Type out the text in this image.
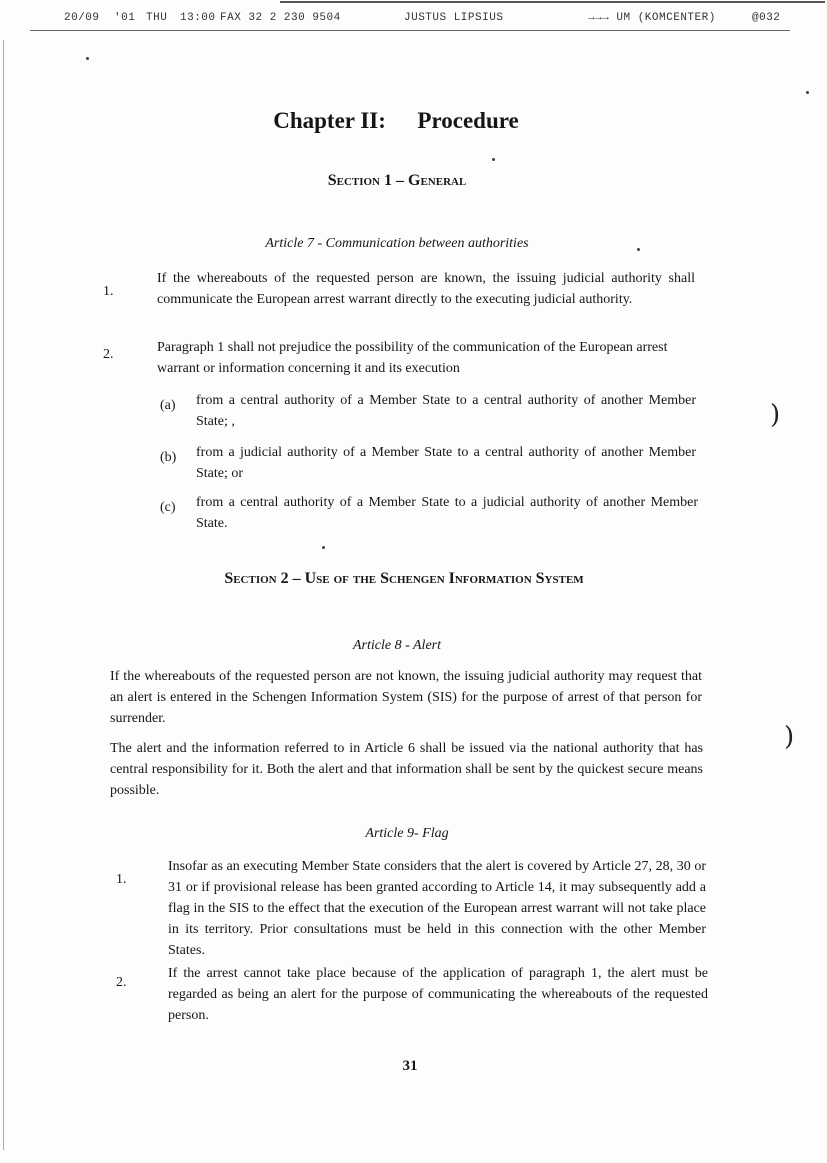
20/09 '01 THU 13:00 FAX 32 2 230 9504	JUSTUS LIPSIUS	→→→ UM (KOMCENTER)	@032
)
)
Chapter II: Procedure
Section 1 – General
Article 7 - Communication between authorities
1.

If the whereabouts of the requested person are known, the issuing judicial authority shall communicate the European arrest warrant directly to the executing judicial authority.

2.	Paragraph 1 shall not prejudice the possibility of the communication of the European arrest warrant or information concerning it and its execution

(a) from a central authority of a Member State to a central authority of another Member State; ,

(b) from a judicial authority of a Member State to a central authority of another Member State; or

(c) from a central authority of a Member State to a judicial authority of another Member State.

Section 2 – Use of the Schengen Information System
Article 8 - Alert

If the whereabouts of the requested person are not known, the issuing judicial authority may request that an alert is entered in the Schengen Information System (SIS) for the purpose of arrest of that person for surrender.

The alert and the information referred to in Article 6 shall be issued via the national authority that has central responsibility for it. Both the alert and that information shall be sent by the quickest secure means possible.

Article 9- Flag
1.

Insofar as an executing Member State considers that the alert is covered by Article 27, 28, 30 or 31 or if provisional release has been granted according to Article 14, it may subsequently add a flag in the SIS to the effect that the execution of the European arrest warrant will not take place in its territory. Prior consultations must be held in this connection with the other Member States.

2.

If the arrest cannot take place because of the application of paragraph 1, the alert must be regarded as being an alert for the purpose of communicating the whereabouts of the requested person.

31
